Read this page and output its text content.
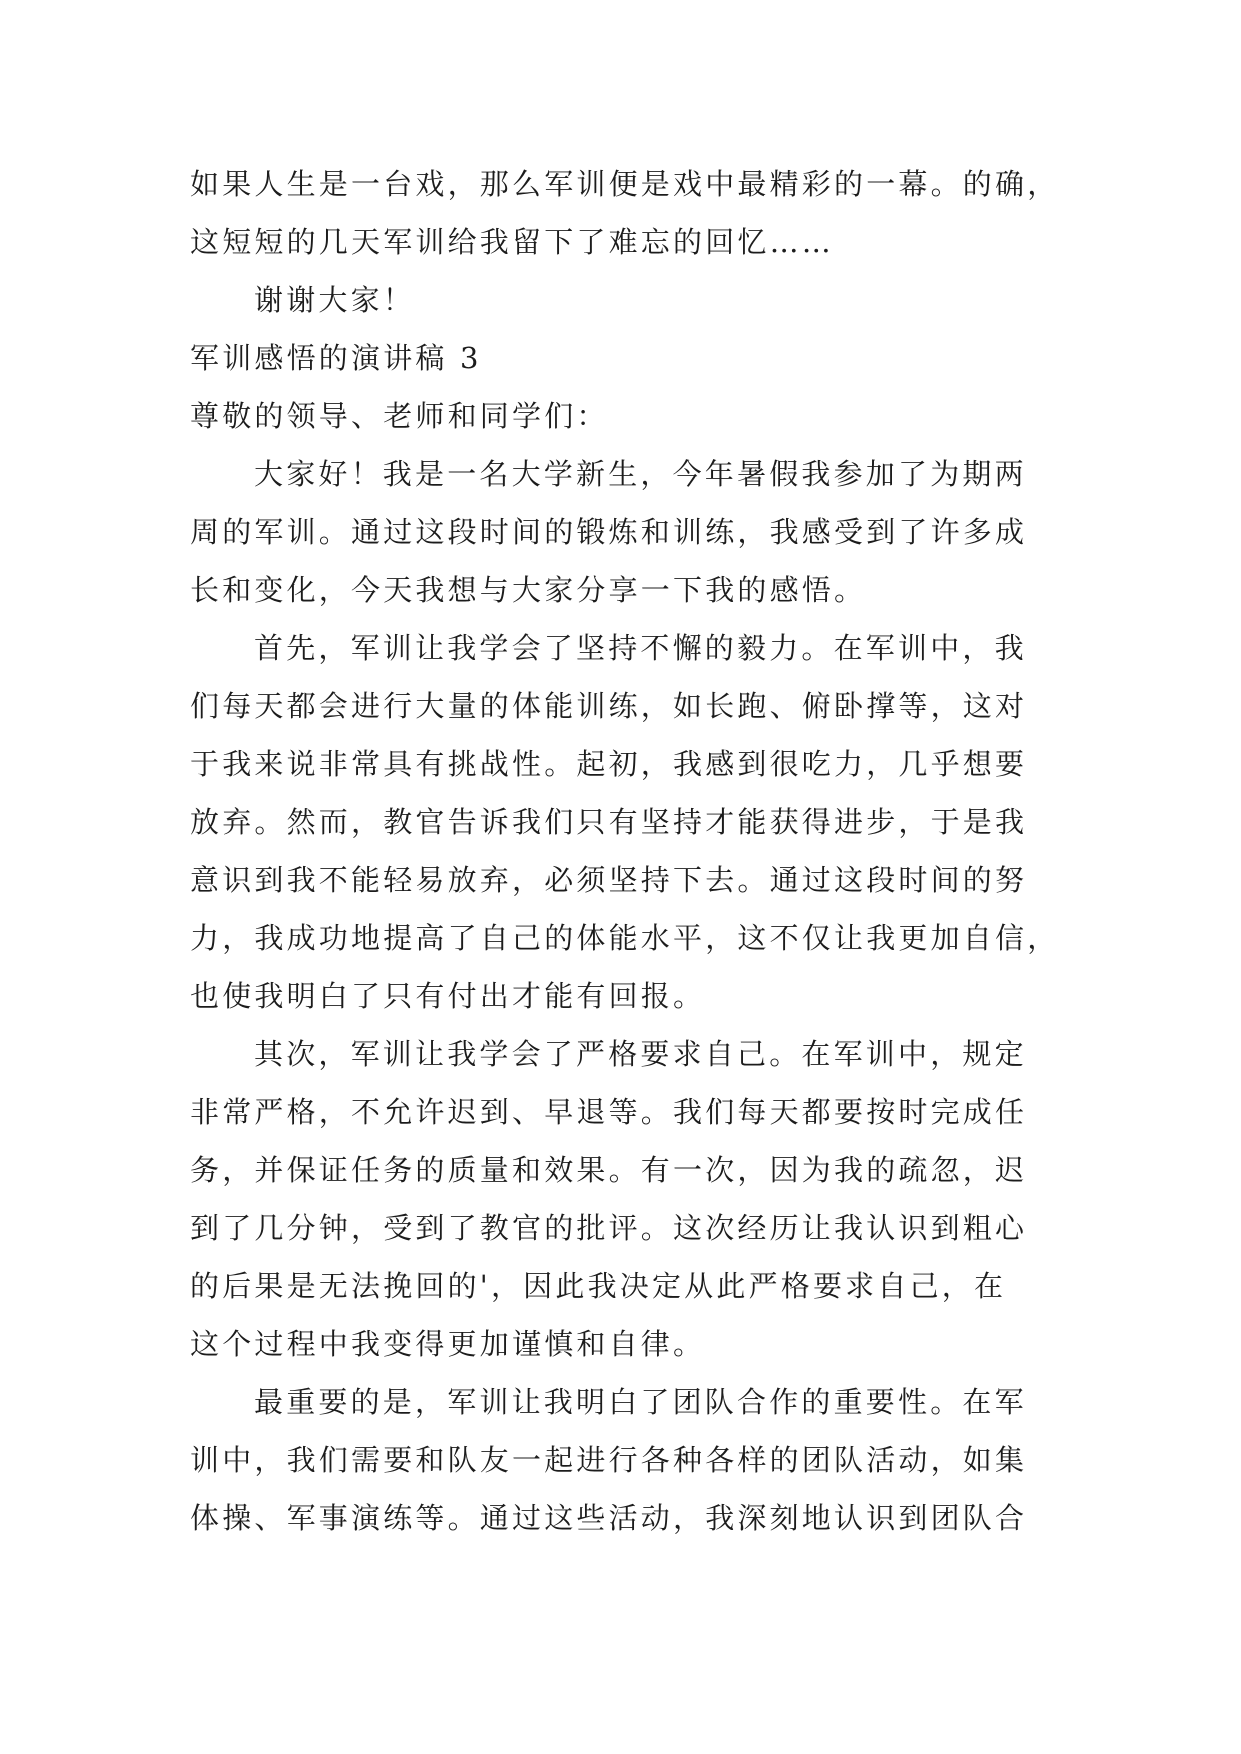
如果人生是一台戏，那么军训便是戏中最精彩的一幕。的确，
这短短的几天军训给我留下了难忘的回忆……
谢谢大家！
军训感悟的演讲稿 3
尊敬的领导、老师和同学们：
大家好！我是一名大学新生，今年暑假我参加了为期两
周的军训。通过这段时间的锻炼和训练，我感受到了许多成
长和变化，今天我想与大家分享一下我的感悟。
首先，军训让我学会了坚持不懈的毅力。在军训中，我
们每天都会进行大量的体能训练，如长跑、俯卧撑等，这对
于我来说非常具有挑战性。起初，我感到很吃力，几乎想要
放弃。然而，教官告诉我们只有坚持才能获得进步，于是我
意识到我不能轻易放弃，必须坚持下去。通过这段时间的努
力，我成功地提高了自己的体能水平，这不仅让我更加自信，
也使我明白了只有付出才能有回报。
其次，军训让我学会了严格要求自己。在军训中，规定
非常严格，不允许迟到、早退等。我们每天都要按时完成任
务，并保证任务的质量和效果。有一次，因为我的疏忽，迟
到了几分钟，受到了教官的批评。这次经历让我认识到粗心
的后果是无法挽回的'，因此我决定从此严格要求自己，在
这个过程中我变得更加谨慎和自律。
最重要的是，军训让我明白了团队合作的重要性。在军
训中，我们需要和队友一起进行各种各样的团队活动，如集
体操、军事演练等。通过这些活动，我深刻地认识到团队合
